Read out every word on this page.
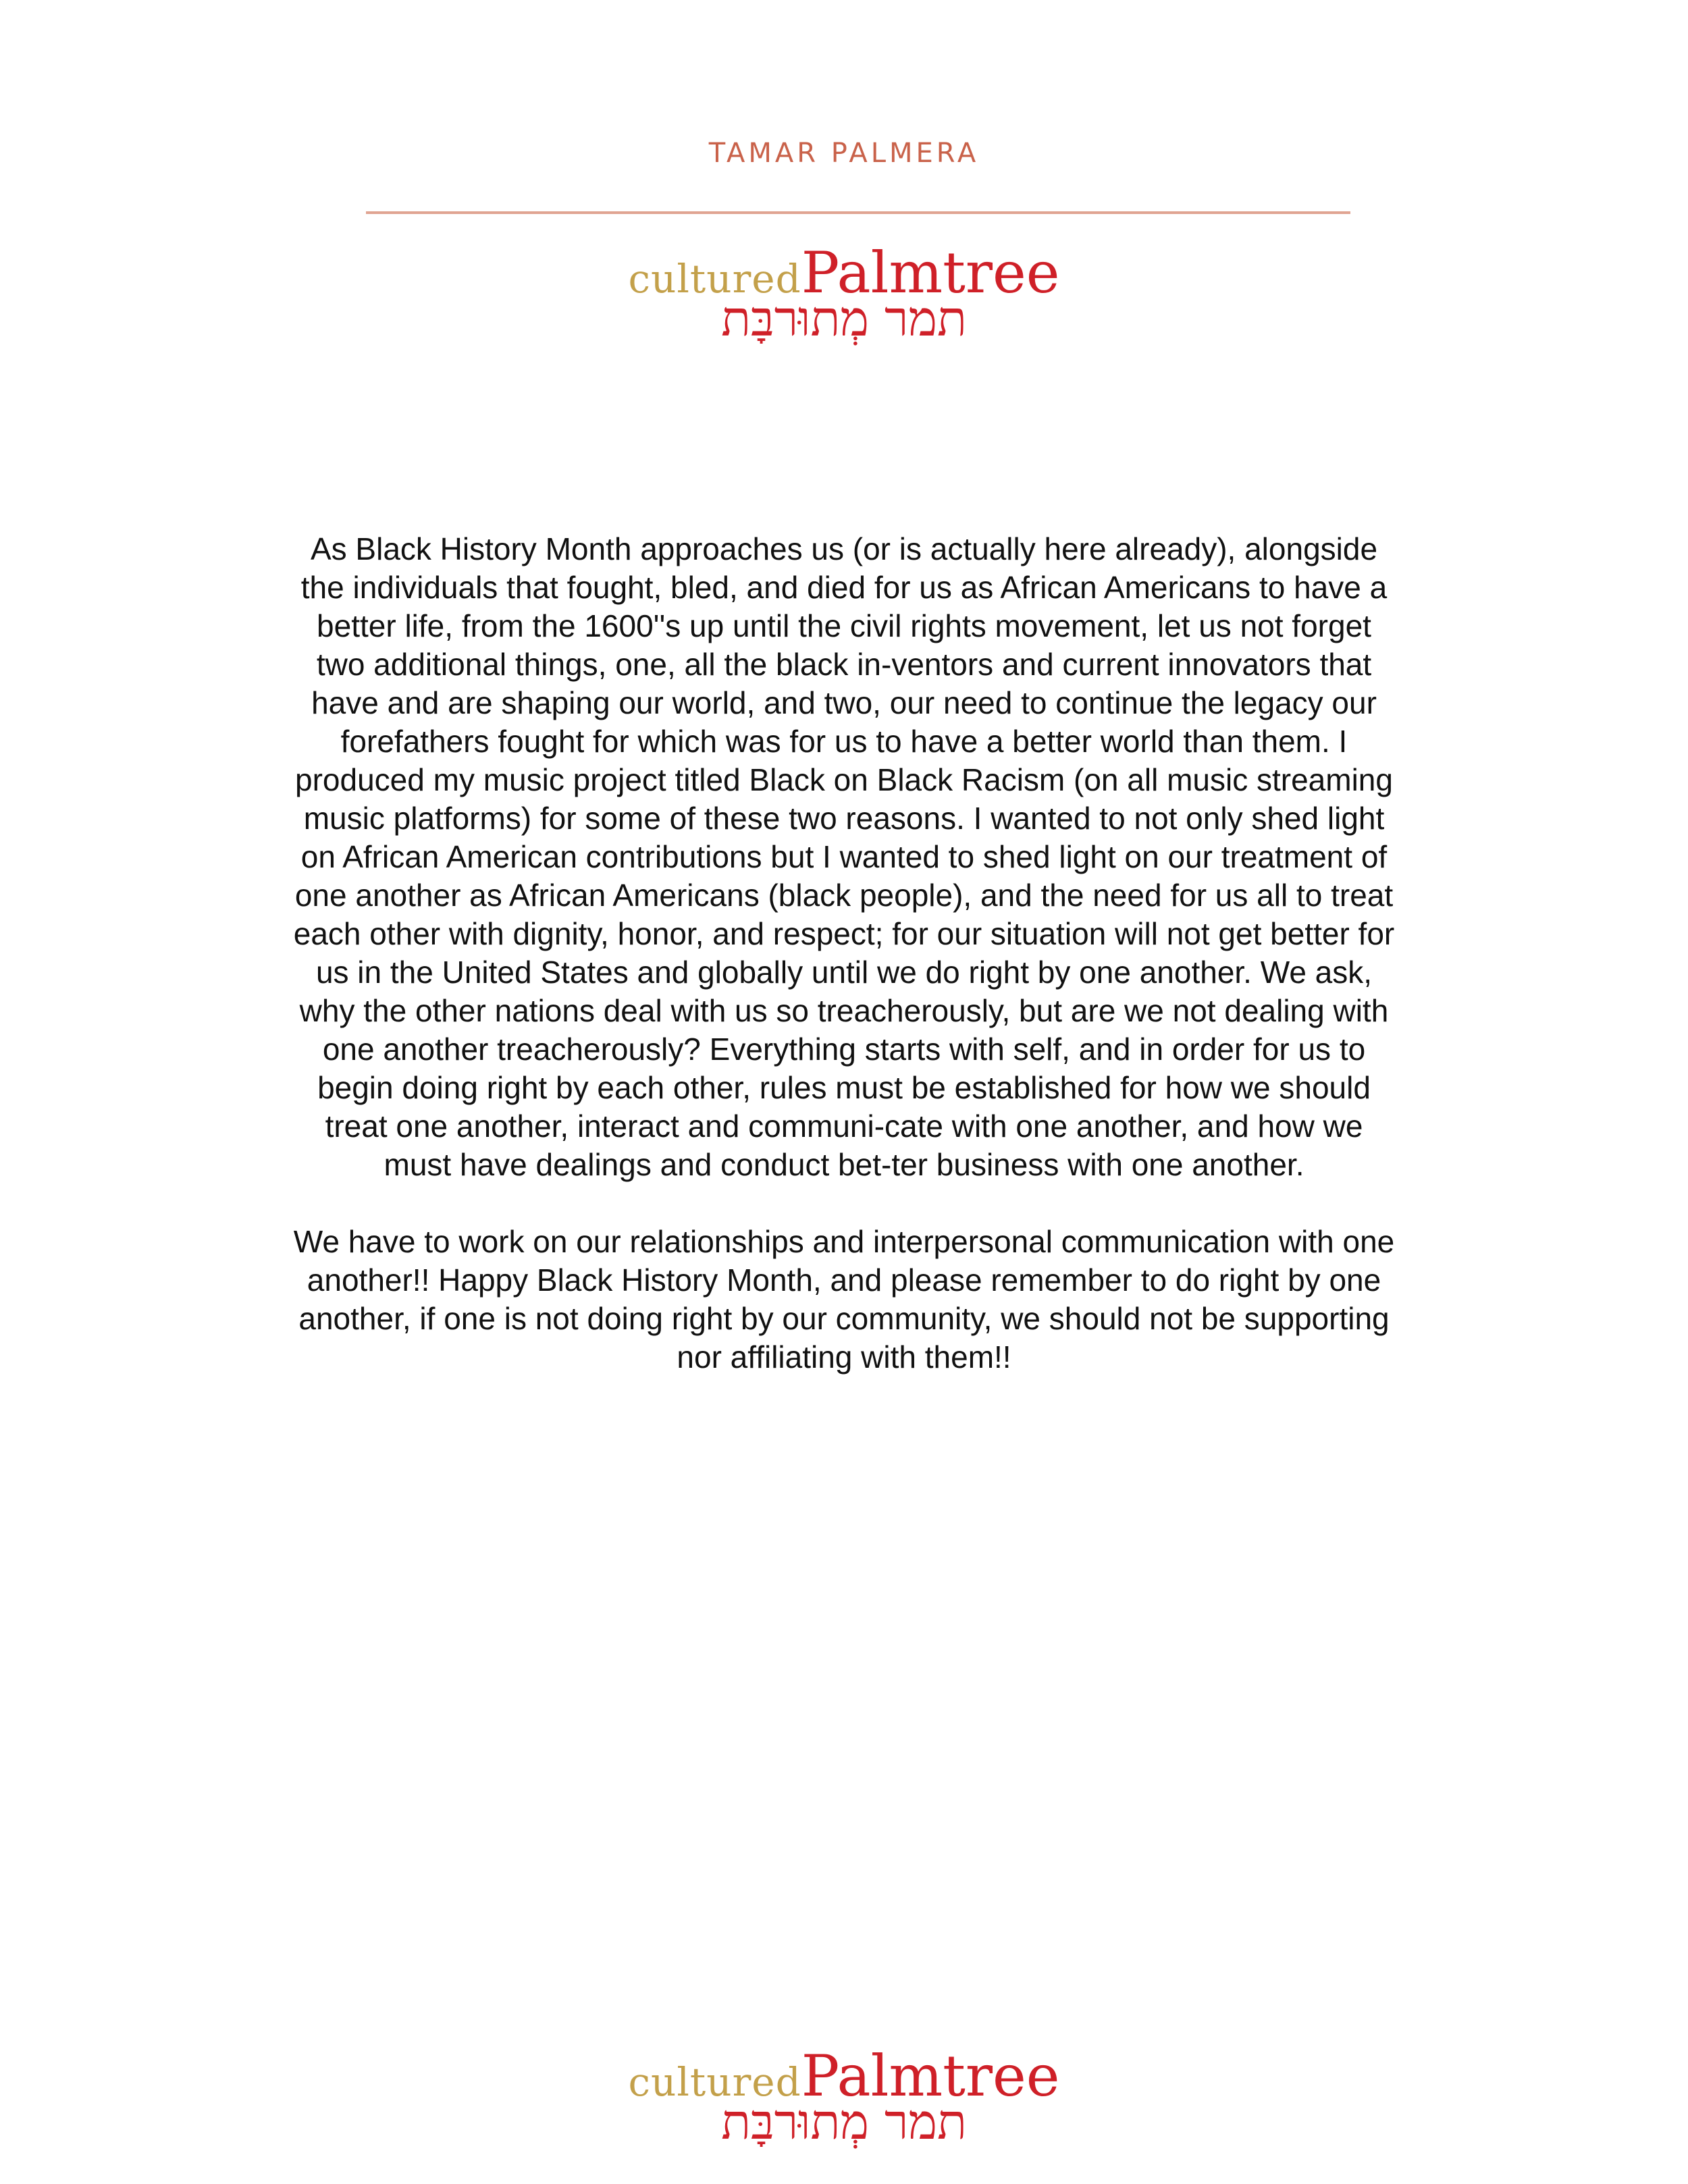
TAMAR PALMERA
culturedPalmtree
תמר מְתוּרבָּת

As Black History Month approaches us (or is actually here already), alongside the individuals that fought, bled, and died for us as African Americans to have a better life, from the 1600''s up until the civil rights movement, let us not forget two additional things, one, all the black in-ventors and current innovators that have and are shaping our world, and two, our need to continue the legacy our forefathers fought for which was for us to have a better world than them. I produced my music project titled Black on Black Racism (on all music streaming music platforms) for some of these two reasons. I wanted to not only shed light on African American contributions but I wanted to shed light on our treatment of one another as African Americans (black people), and the need for us all to treat each other with dignity, honor, and respect; for our situation will not get better for us in the United States and globally until we do right by one another. We ask, why the other nations deal with us so treacherously, but are we not dealing with one another treacherously? Everything starts with self, and in order for us to begin doing right by each other, rules must be established for how we should treat one another, interact and communi-cate with one another, and how we must have dealings and conduct bet-ter business with one another.

We have to work on our relationships and interpersonal communication with one another!! Happy Black History Month, and please remember to do right by one another, if one is not doing right by our community, we should not be supporting nor affiliating with them!!

culturedPalmtree
תמר מְתוּרבָּת
